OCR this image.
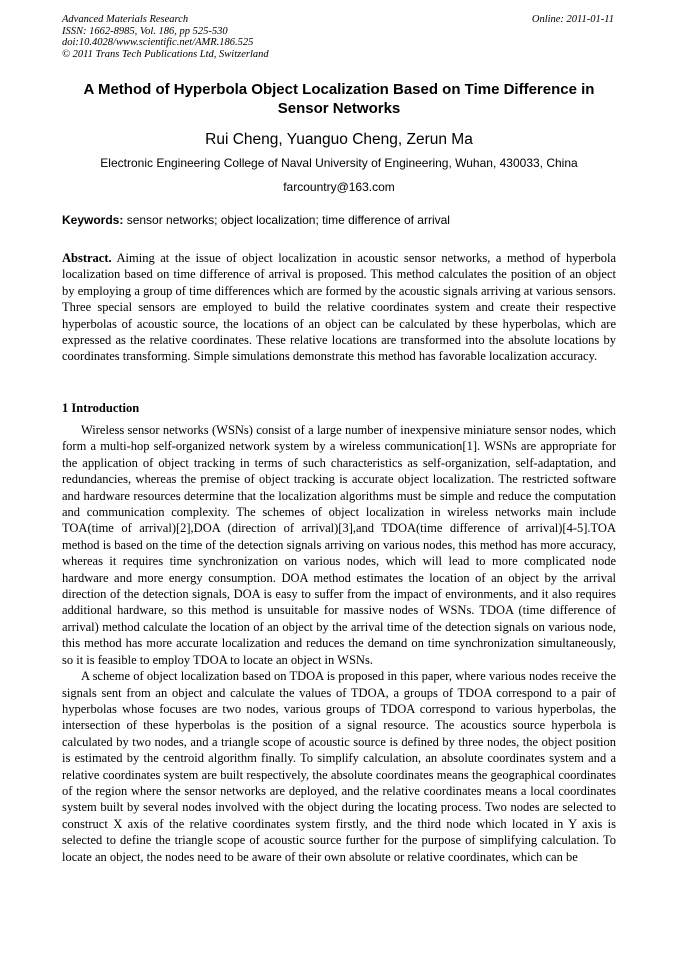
Advanced Materials Research
ISSN: 1662-8985, Vol. 186, pp 525-530
doi:10.4028/www.scientific.net/AMR.186.525
© 2011 Trans Tech Publications Ltd, Switzerland
Online: 2011-01-11
A Method of Hyperbola Object Localization Based on Time Difference in Sensor Networks
Rui Cheng, Yuanguo Cheng, Zerun Ma
Electronic Engineering College of Naval University of Engineering, Wuhan, 430033, China
farcountry@163.com
Keywords: sensor networks; object localization; time difference of arrival
Abstract. Aiming at the issue of object localization in acoustic sensor networks, a method of hyperbola localization based on time difference of arrival is proposed. This method calculates the position of an object by employing a group of time differences which are formed by the acoustic signals arriving at various sensors. Three special sensors are employed to build the relative coordinates system and create their respective hyperbolas of acoustic source, the locations of an object can be calculated by these hyperbolas, which are expressed as the relative coordinates. These relative locations are transformed into the absolute locations by coordinates transforming. Simple simulations demonstrate this method has favorable localization accuracy.
1 Introduction

Wireless sensor networks (WSNs) consist of a large number of inexpensive miniature sensor nodes, which form a multi-hop self-organized network system by a wireless communication[1]. WSNs are appropriate for the application of object tracking in terms of such characteristics as self-organization, self-adaptation, and redundancies, whereas the premise of object tracking is accurate object localization. The restricted software and hardware resources determine that the localization algorithms must be simple and reduce the computation and communication complexity. The schemes of object localization in wireless networks main include TOA(time of arrival)[2],DOA (direction of arrival)[3],and TDOA(time difference of arrival)[4-5].TOA method is based on the time of the detection signals arriving on various nodes, this method has more accuracy, whereas it requires time synchronization on various nodes, which will lead to more complicated node hardware and more energy consumption. DOA method estimates the location of an object by the arrival direction of the detection signals, DOA is easy to suffer from the impact of environments, and it also requires additional hardware, so this method is unsuitable for massive nodes of WSNs. TDOA (time difference of arrival) method calculate the location of an object by the arrival time of the detection signals on various node, this method has more accurate localization and reduces the demand on time synchronization simultaneously, so it is feasible to employ TDOA to locate an object in WSNs.

A scheme of object localization based on TDOA is proposed in this paper, where various nodes receive the signals sent from an object and calculate the values of TDOA, a groups of TDOA correspond to a pair of hyperbolas whose focuses are two nodes, various groups of TDOA correspond to various hyperbolas, the intersection of these hyperbolas is the position of a signal resource. The acoustics source hyperbola is calculated by two nodes, and a triangle scope of acoustic source is defined by three nodes, the object position is estimated by the centroid algorithm finally. To simplify calculation, an absolute coordinates system and a relative coordinates system are built respectively, the absolute coordinates means the geographical coordinates of the region where the sensor networks are deployed, and the relative coordinates means a local coordinates system built by several nodes involved with the object during the locating process. Two nodes are selected to construct X axis of the relative coordinates system firstly, and the third node which located in Y axis is selected to define the triangle scope of acoustic source further for the purpose of simplifying calculation. To locate an object, the nodes need to be aware of their own absolute or relative coordinates, which can be
